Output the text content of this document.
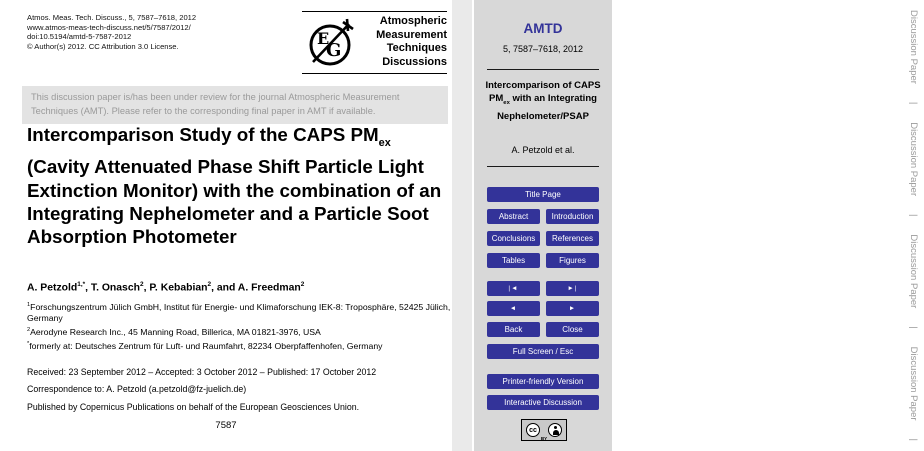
Atmos. Meas. Tech. Discuss., 5, 7587–7618, 2012
www.atmos-meas-tech-discuss.net/5/7587/2012/
doi:10.5194/amtd-5-7587-2012
© Author(s) 2012. CC Attribution 3.0 License.	E
G
Atmospheric
Measurement
Techniques
Discussions
This discussion paper is/has been under review for the journal Atmospheric Measurement Techniques (AMT). Please refer to the corresponding final paper in AMT if available.
Intercomparison Study of the CAPS $PM_{ex}$ (Cavity Attenuated Phase Shift Particle Light Extinction Monitor) with the combination of an Integrating Nephelometer and a Particle Soot Absorption Photometer
A. Petzold$^{1,*}$, T. Onasch$^2$, P. Kebabian$^2$, and A. Freedman$^2$
$^1$Forschungszentrum Jülich GmbH, Institut für Energie- und Klimaforschung IEK-8: Troposphäre, 52425 Jülich, Germany
$^2$Aerodyne Research Inc., 45 Manning Road, Billerica, MA 01821-3976, USA
*formerly at: Deutsches Zentrum für Luft- und Raumfahrt, 82234 Oberpfaffenhofen, Germany
Received: 23 September 2012 – Accepted: 3 October 2012 – Published: 17 October 2012
Correspondence to: A. Petzold (a.petzold@fz-juelich.de)
Published by Copernicus Publications on behalf of the European Geosciences Union.
7587
Discussion Paper
|
Discussion Paper
|
Discussion Paper
|
Discussion Paper
|
AMTD
5, 7587–7618, 2012
Intercomparison of CAPS $PM_{ex}$ with an Integrating Nephelometer/PSAP
A. Petzold et al.
Title Page
Abstract	Introduction
Conclusions	References
Tables	Figures
|◄	►|
◄	►
Back	Close
Full Screen / Esc
Printer-friendly Version
Interactive Discussion
cc
BY
